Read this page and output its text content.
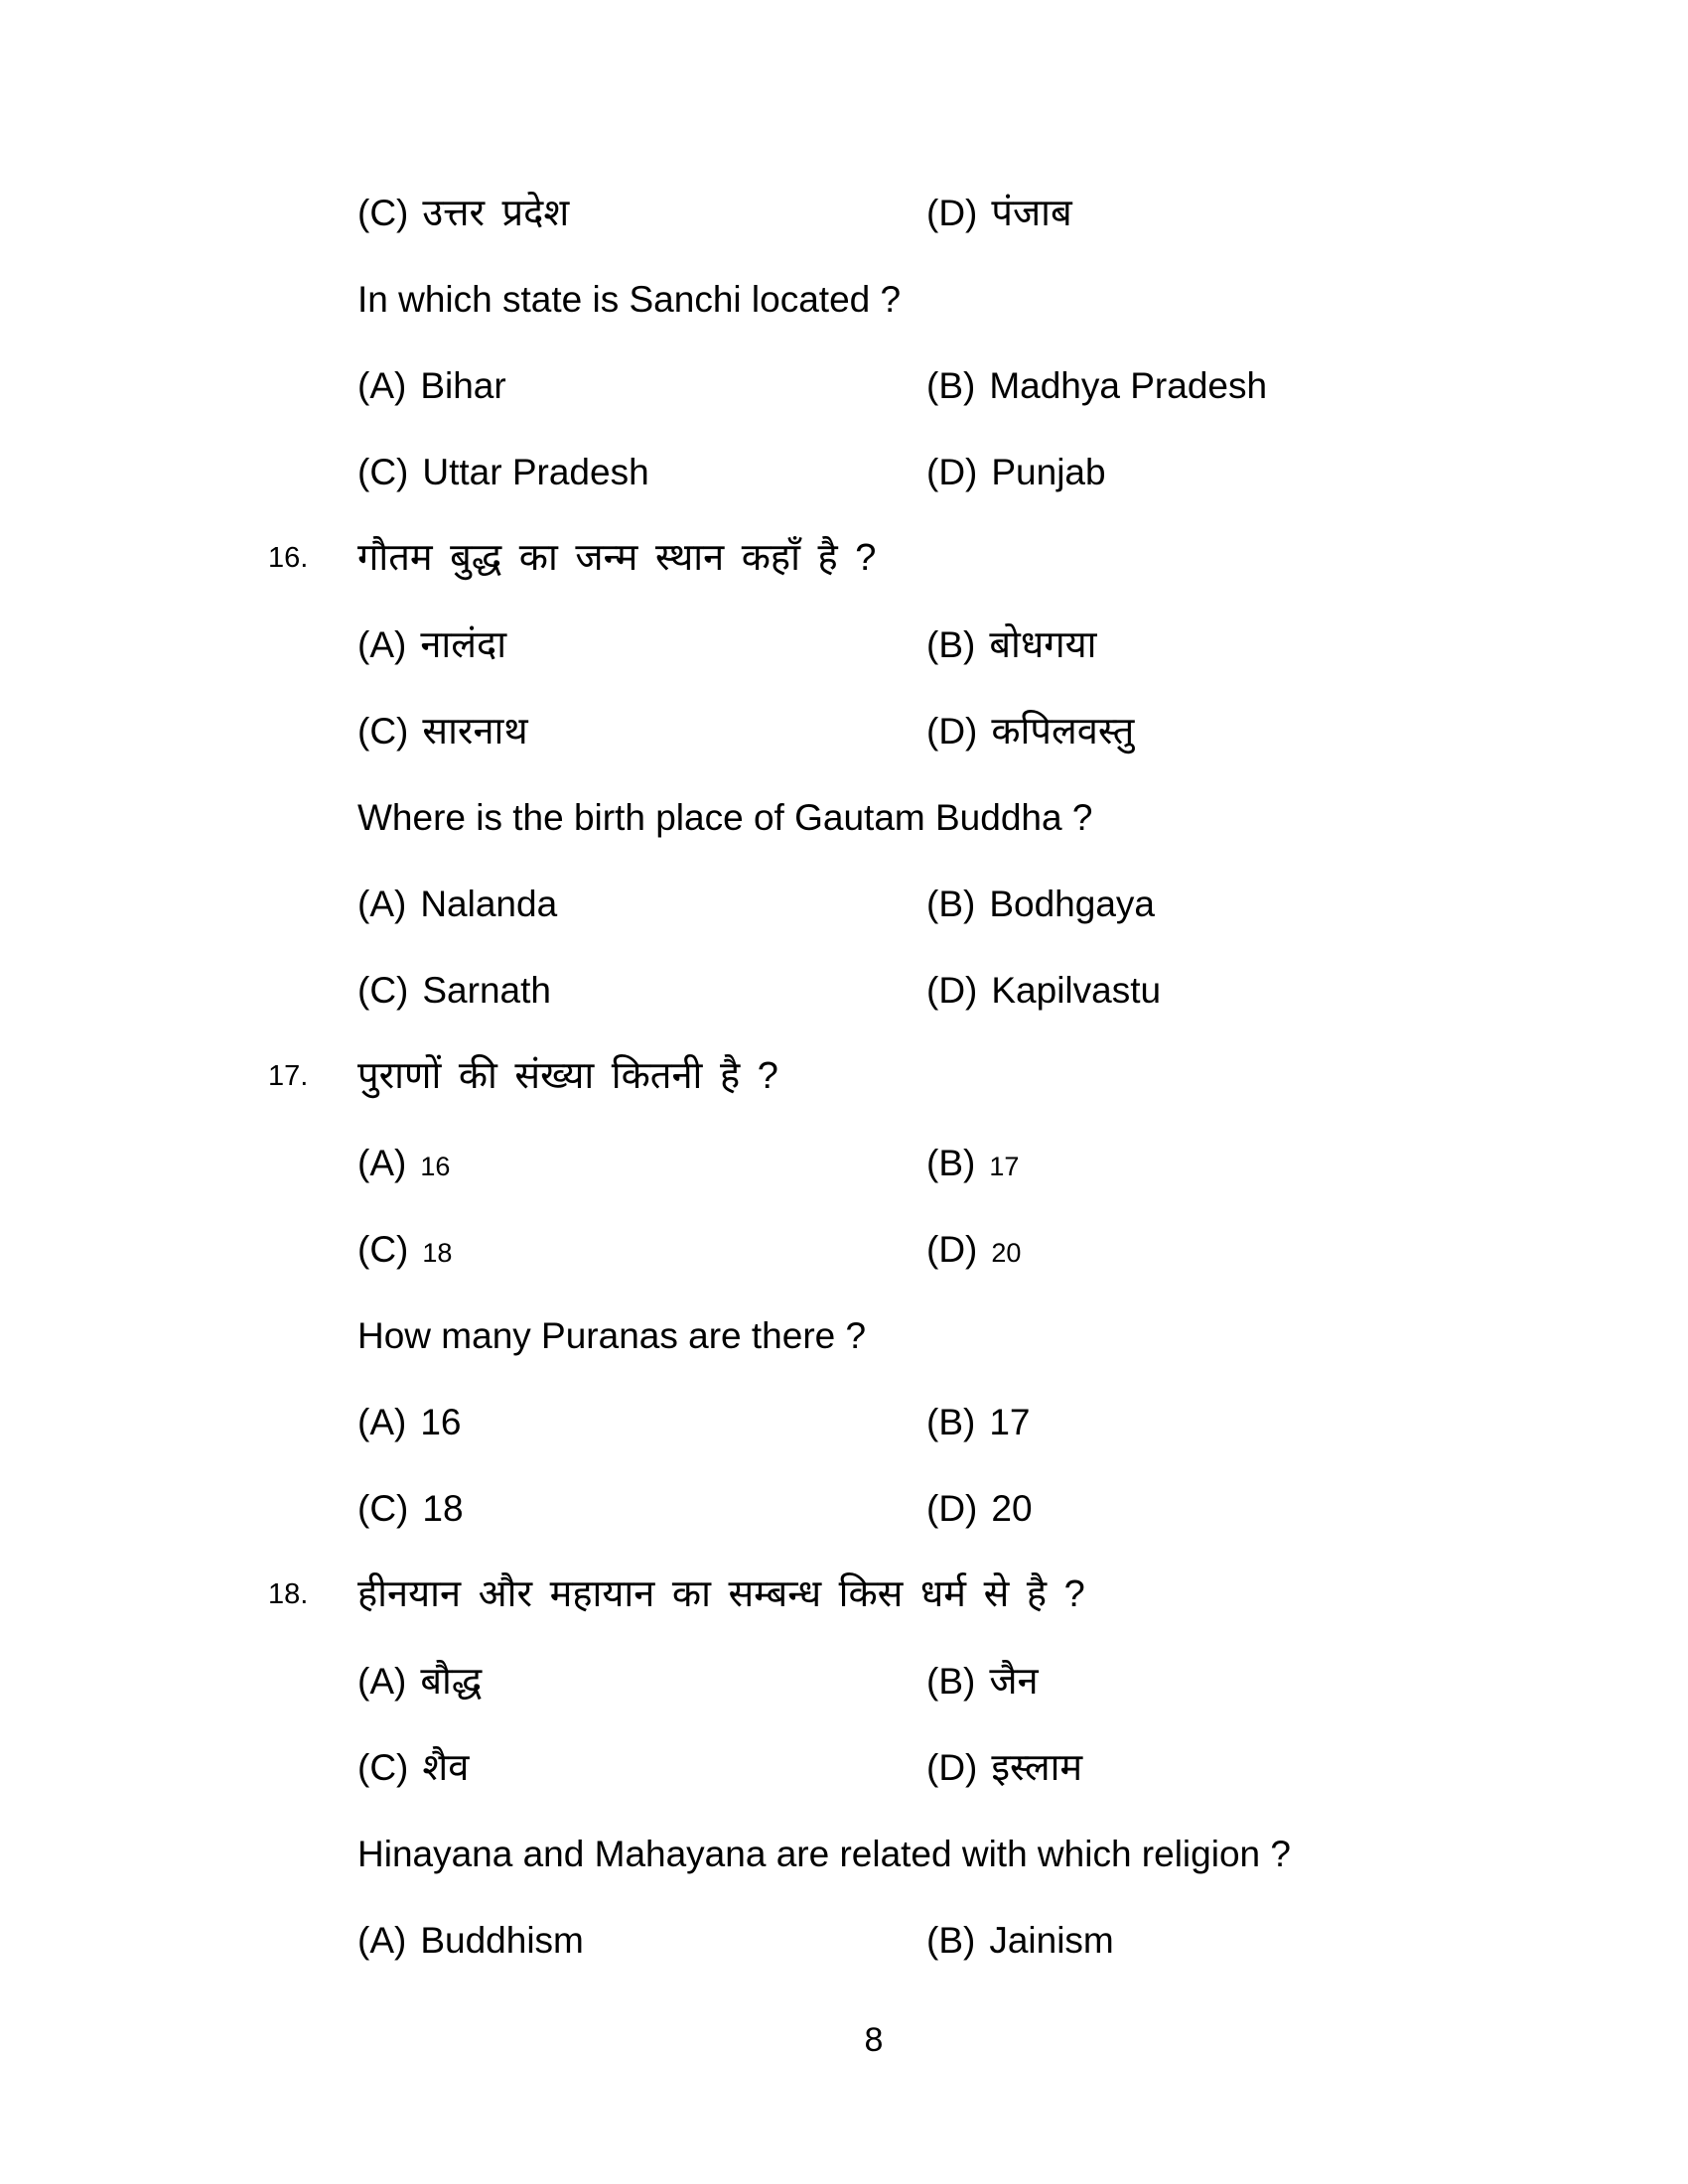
(C) उत्तर प्रदेश	(D) पंजाब
In which state is Sanchi located ?
(A) Bihar	(B) Madhya Pradesh
(C) Uttar Pradesh	(D) Punjab
16. गौतम बुद्ध का जन्म स्थान कहाँ है ?
(A) नालंदा	(B) बोधगया
(C) सारनाथ	(D) कपिलवस्तु
Where is the birth place of Gautam Buddha ?
(A) Nalanda	(B) Bodhgaya
(C) Sarnath	(D) Kapilvastu
17. पुराणों की संख्या कितनी है ?
(A) 16	(B) 17
(C) 18	(D) 20
How many Puranas are there ?
(A) 16	(B) 17
(C) 18	(D) 20
18. हीनयान और महायान का सम्बन्ध किस धर्म से है ?
(A) बौद्ध	(B) जैन
(C) शैव	(D) इस्लाम
Hinayana and Mahayana are related with which religion ?
(A) Buddhism	(B) Jainism
8
